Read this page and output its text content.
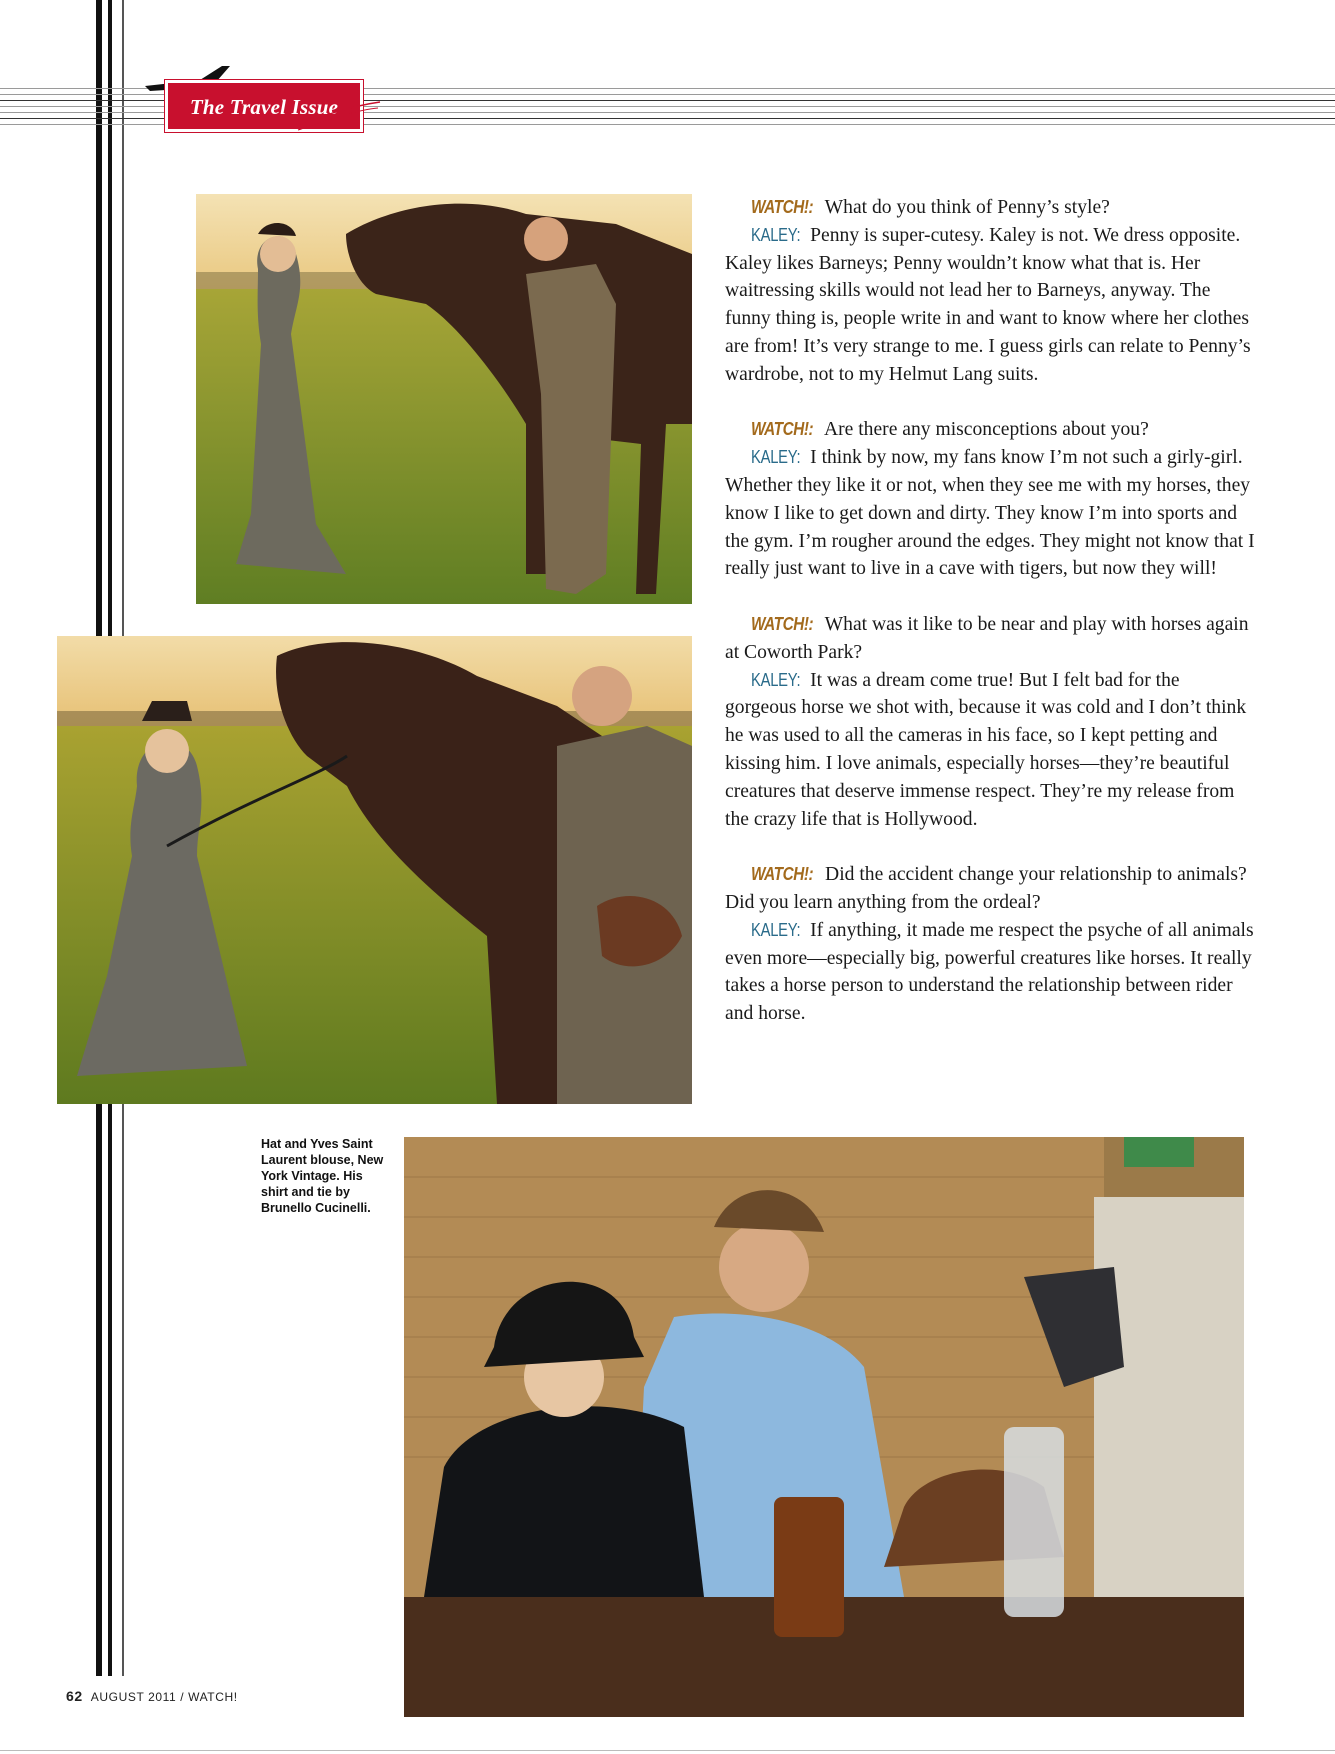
The Travel Issue

WATCH!: What do you think of Penny’s style?
KALEY: Penny is super-cutesy. Kaley is not. We dress opposite. Kaley likes Barneys; Penny wouldn’t know what that is. Her waitressing skills would not lead her to Barneys, anyway. The funny thing is, people write in and want to know where her clothes are from! It’s very strange to me. I guess girls can relate to Penny’s wardrobe, not to my Helmut Lang suits.

WATCH!: Are there any misconceptions about you?
KALEY: I think by now, my fans know I’m not such a girly-girl. Whether they like it or not, when they see me with my horses, they know I like to get down and dirty. They know I’m into sports and the gym. I’m rougher around the edges. They might not know that I really just want to live in a cave with tigers, but now they will!

WATCH!: What was it like to be near and play with horses again at Coworth Park?
KALEY: It was a dream come true! But I felt bad for the gorgeous horse we shot with, because it was cold and I don’t think he was used to all the cameras in his face, so I kept petting and kissing him. I love animals, especially horses—they’re beautiful creatures that deserve immense respect. They’re my release from the crazy life that is Hollywood.

WATCH!: Did the accident change your relationship to animals? Did you learn anything from the ordeal?
KALEY: If anything, it made me respect the psyche of all animals even more—especially big, powerful creatures like horses. It really takes a horse person to understand the relationship between rider and horse.

Hat and Yves Saint Laurent blouse, New York Vintage. His shirt and tie by Brunello Cucinelli.
62 AUGUST 2011 / WATCH!
